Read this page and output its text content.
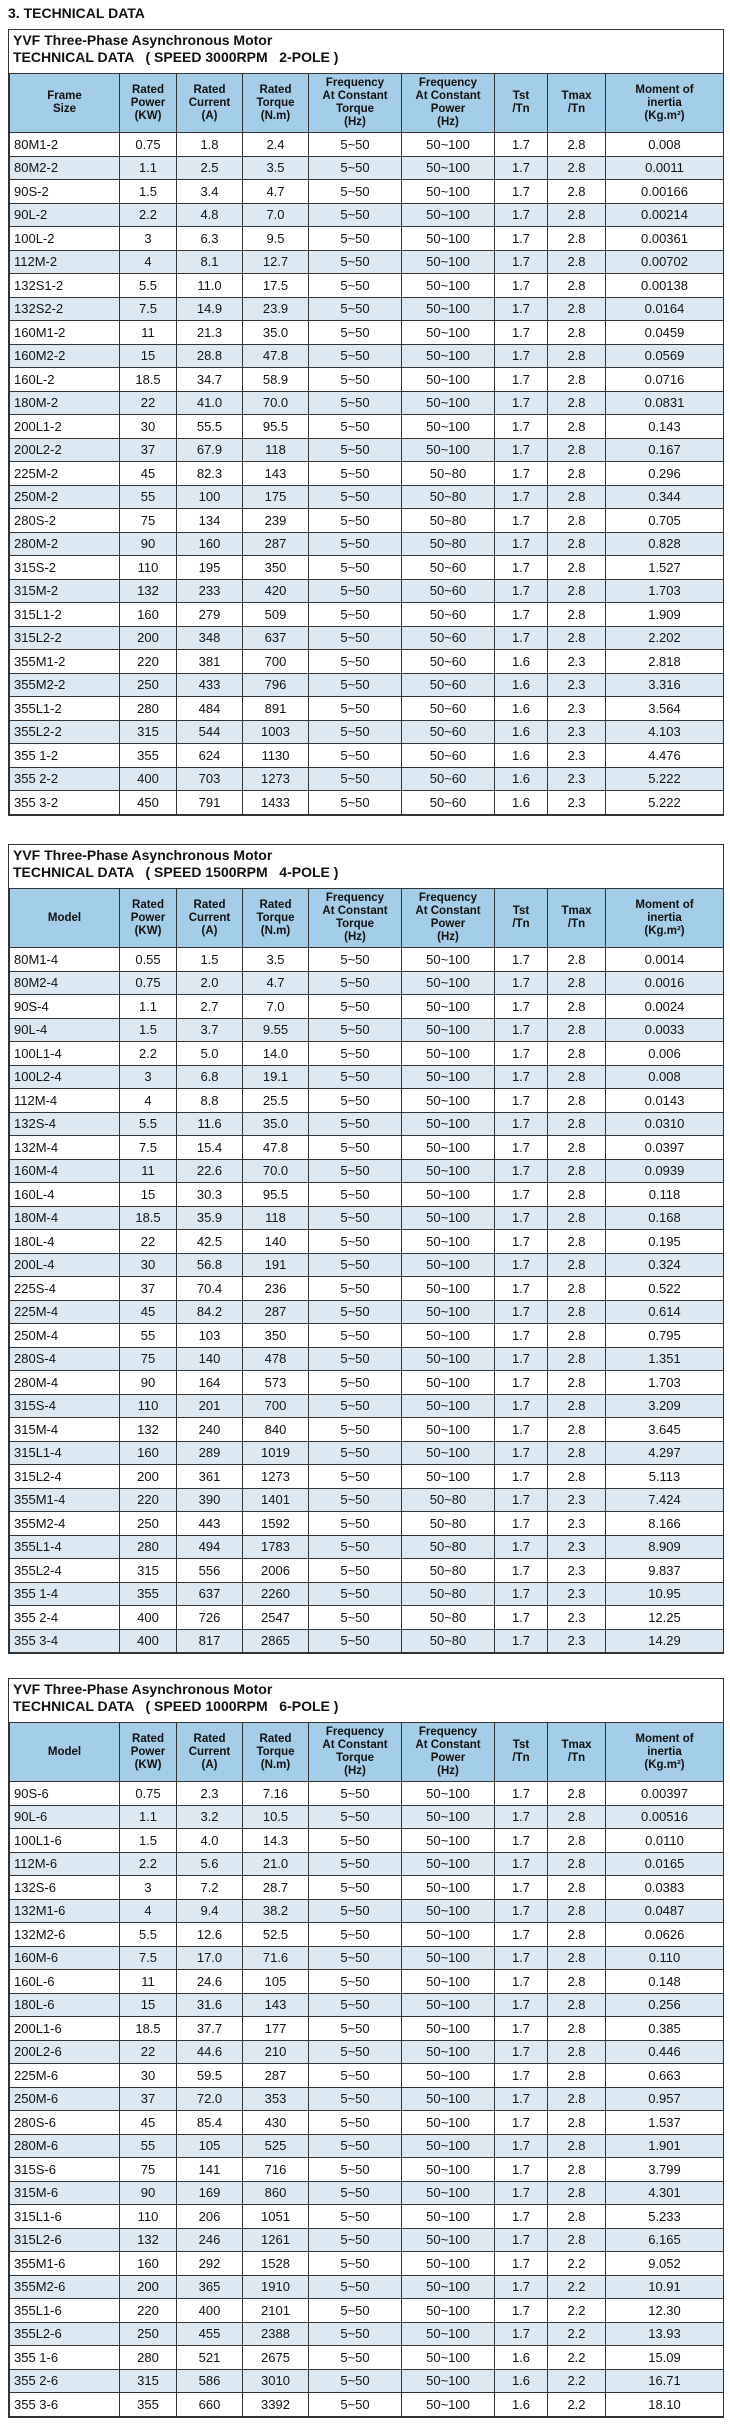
3. TECHNICAL DATA
YVF Three-Phase Asynchronous Motor
TECHNICAL DATA   ( SPEED 3000RPM   2-POLE )
Frame
Size	Rated
Power
(KW)	Rated
Current
(A)	Rated
Torque
(N.m)	Frequency
At Constant
Torque
(Hz)	Frequency
At Constant
Power
(Hz)	Tst
/Tn	Tmax
/Tn	Moment of
inertia
(Kg.m²)
80M1-2	0.75	1.8	2.4	5~50	50~100	1.7	2.8	0.008
80M2-2	1.1	2.5	3.5	5~50	50~100	1.7	2.8	0.0011
90S-2	1.5	3.4	4.7	5~50	50~100	1.7	2.8	0.00166
90L-2	2.2	4.8	7.0	5~50	50~100	1.7	2.8	0.00214
100L-2	3	6.3	9.5	5~50	50~100	1.7	2.8	0.00361
112M-2	4	8.1	12.7	5~50	50~100	1.7	2.8	0.00702
132S1-2	5.5	11.0	17.5	5~50	50~100	1.7	2.8	0.00138
132S2-2	7.5	14.9	23.9	5~50	50~100	1.7	2.8	0.0164
160M1-2	11	21.3	35.0	5~50	50~100	1.7	2.8	0.0459
160M2-2	15	28.8	47.8	5~50	50~100	1.7	2.8	0.0569
160L-2	18.5	34.7	58.9	5~50	50~100	1.7	2.8	0.0716
180M-2	22	41.0	70.0	5~50	50~100	1.7	2.8	0.0831
200L1-2	30	55.5	95.5	5~50	50~100	1.7	2.8	0.143
200L2-2	37	67.9	118	5~50	50~100	1.7	2.8	0.167
225M-2	45	82.3	143	5~50	50~80	1.7	2.8	0.296
250M-2	55	100	175	5~50	50~80	1.7	2.8	0.344
280S-2	75	134	239	5~50	50~80	1.7	2.8	0.705
280M-2	90	160	287	5~50	50~80	1.7	2.8	0.828
315S-2	110	195	350	5~50	50~60	1.7	2.8	1.527
315M-2	132	233	420	5~50	50~60	1.7	2.8	1.703
315L1-2	160	279	509	5~50	50~60	1.7	2.8	1.909
315L2-2	200	348	637	5~50	50~60	1.7	2.8	2.202
355M1-2	220	381	700	5~50	50~60	1.6	2.3	2.818
355M2-2	250	433	796	5~50	50~60	1.6	2.3	3.316
355L1-2	280	484	891	5~50	50~60	1.6	2.3	3.564
355L2-2	315	544	1003	5~50	50~60	1.6	2.3	4.103
355 1-2	355	624	1130	5~50	50~60	1.6	2.3	4.476
355 2-2	400	703	1273	5~50	50~60	1.6	2.3	5.222
355 3-2	450	791	1433	5~50	50~60	1.6	2.3	5.222
YVF Three-Phase Asynchronous Motor
TECHNICAL DATA   ( SPEED 1500RPM   4-POLE )
Model	Rated
Power
(KW)	Rated
Current
(A)	Rated
Torque
(N.m)	Frequency
At Constant
Torque
(Hz)	Frequency
At Constant
Power
(Hz)	Tst
/Tn	Tmax
/Tn	Moment of
inertia
(Kg.m²)
80M1-4	0.55	1.5	3.5	5~50	50~100	1.7	2.8	0.0014
80M2-4	0.75	2.0	4.7	5~50	50~100	1.7	2.8	0.0016
90S-4	1.1	2.7	7.0	5~50	50~100	1.7	2.8	0.0024
90L-4	1.5	3.7	9.55	5~50	50~100	1.7	2.8	0.0033
100L1-4	2.2	5.0	14.0	5~50	50~100	1.7	2.8	0.006
100L2-4	3	6.8	19.1	5~50	50~100	1.7	2.8	0.008
112M-4	4	8.8	25.5	5~50	50~100	1.7	2.8	0.0143
132S-4	5.5	11.6	35.0	5~50	50~100	1.7	2.8	0.0310
132M-4	7.5	15.4	47.8	5~50	50~100	1.7	2.8	0.0397
160M-4	11	22.6	70.0	5~50	50~100	1.7	2.8	0.0939
160L-4	15	30.3	95.5	5~50	50~100	1.7	2.8	0.118
180M-4	18.5	35.9	118	5~50	50~100	1.7	2.8	0.168
180L-4	22	42.5	140	5~50	50~100	1.7	2.8	0.195
200L-4	30	56.8	191	5~50	50~100	1.7	2.8	0.324
225S-4	37	70.4	236	5~50	50~100	1.7	2.8	0.522
225M-4	45	84.2	287	5~50	50~100	1.7	2.8	0.614
250M-4	55	103	350	5~50	50~100	1.7	2.8	0.795
280S-4	75	140	478	5~50	50~100	1.7	2.8	1.351
280M-4	90	164	573	5~50	50~100	1.7	2.8	1.703
315S-4	110	201	700	5~50	50~100	1.7	2.8	3.209
315M-4	132	240	840	5~50	50~100	1.7	2.8	3.645
315L1-4	160	289	1019	5~50	50~100	1.7	2.8	4.297
315L2-4	200	361	1273	5~50	50~100	1.7	2.8	5.113
355M1-4	220	390	1401	5~50	50~80	1.7	2.3	7.424
355M2-4	250	443	1592	5~50	50~80	1.7	2.3	8.166
355L1-4	280	494	1783	5~50	50~80	1.7	2.3	8.909
355L2-4	315	556	2006	5~50	50~80	1.7	2.3	9.837
355 1-4	355	637	2260	5~50	50~80	1.7	2.3	10.95
355 2-4	400	726	2547	5~50	50~80	1.7	2.3	12.25
355 3-4	400	817	2865	5~50	50~80	1.7	2.3	14.29
YVF Three-Phase Asynchronous Motor
TECHNICAL DATA   ( SPEED 1000RPM   6-POLE )
Model	Rated
Power
(KW)	Rated
Current
(A)	Rated
Torque
(N.m)	Frequency
At Constant
Torque
(Hz)	Frequency
At Constant
Power
(Hz)	Tst
/Tn	Tmax
/Tn	Moment of
inertia
(Kg.m²)
90S-6	0.75	2.3	7.16	5~50	50~100	1.7	2.8	0.00397
90L-6	1.1	3.2	10.5	5~50	50~100	1.7	2.8	0.00516
100L1-6	1.5	4.0	14.3	5~50	50~100	1.7	2.8	0.0110
112M-6	2.2	5.6	21.0	5~50	50~100	1.7	2.8	0.0165
132S-6	3	7.2	28.7	5~50	50~100	1.7	2.8	0.0383
132M1-6	4	9.4	38.2	5~50	50~100	1.7	2.8	0.0487
132M2-6	5.5	12.6	52.5	5~50	50~100	1.7	2.8	0.0626
160M-6	7.5	17.0	71.6	5~50	50~100	1.7	2.8	0.110
160L-6	11	24.6	105	5~50	50~100	1.7	2.8	0.148
180L-6	15	31.6	143	5~50	50~100	1.7	2.8	0.256
200L1-6	18.5	37.7	177	5~50	50~100	1.7	2.8	0.385
200L2-6	22	44.6	210	5~50	50~100	1.7	2.8	0.446
225M-6	30	59.5	287	5~50	50~100	1.7	2.8	0.663
250M-6	37	72.0	353	5~50	50~100	1.7	2.8	0.957
280S-6	45	85.4	430	5~50	50~100	1.7	2.8	1.537
280M-6	55	105	525	5~50	50~100	1.7	2.8	1.901
315S-6	75	141	716	5~50	50~100	1.7	2.8	3.799
315M-6	90	169	860	5~50	50~100	1.7	2.8	4.301
315L1-6	110	206	1051	5~50	50~100	1.7	2.8	5.233
315L2-6	132	246	1261	5~50	50~100	1.7	2.8	6.165
355M1-6	160	292	1528	5~50	50~100	1.7	2.2	9.052
355M2-6	200	365	1910	5~50	50~100	1.7	2.2	10.91
355L1-6	220	400	2101	5~50	50~100	1.7	2.2	12.30
355L2-6	250	455	2388	5~50	50~100	1.7	2.2	13.93
355 1-6	280	521	2675	5~50	50~100	1.6	2.2	15.09
355 2-6	315	586	3010	5~50	50~100	1.6	2.2	16.71
355 3-6	355	660	3392	5~50	50~100	1.6	2.2	18.10
